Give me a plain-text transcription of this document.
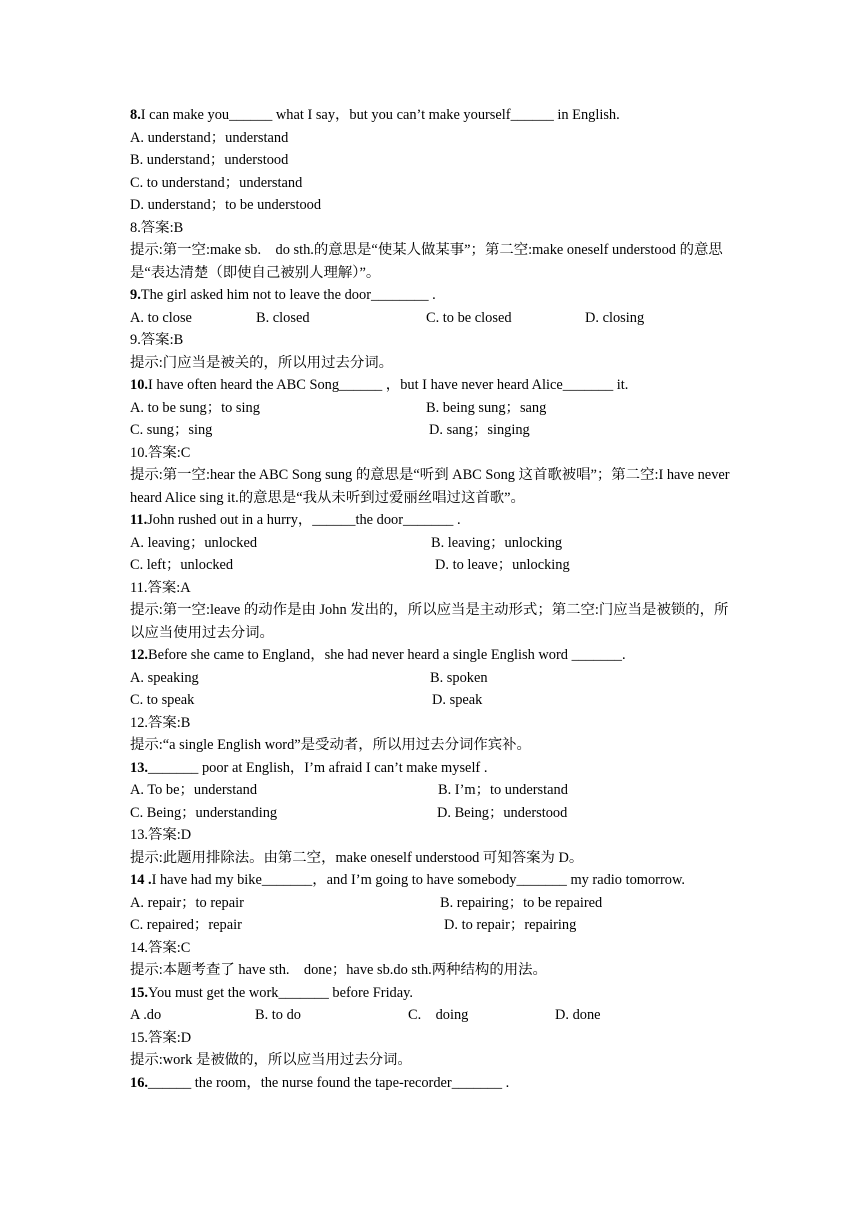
8.I can make you______ what I say，but you can’t make yourself______ in English.
A. understand；understand
B. understand；understood
C. to understand；understand
D. understand；to be understood
8.答案:B
提示:第一空:make sb.　do sth.的意思是“使某人做某事”；第二空:make oneself understood 的意思是“表达清楚（即使自己被别人理解）”。
9.The girl asked him not to leave the door________ .
A. to close	B. closed	C. to be closed	D. closing
9.答案:B
提示:门应当是被关的，所以用过去分词。
10.I have often heard the ABC Song______ ，but I have never heard Alice_______ it.
A. to be sung；to sing	B. being sung；sang
C. sung；sing	D. sang；singing
10.答案:C
提示:第一空:hear the ABC Song sung 的意思是“听到 ABC Song 这首歌被唱”；第二空:I have never heard Alice sing it.的意思是“我从未听到过爱丽丝唱过这首歌”。
11.John rushed out in a hurry，______the door_______ .
A. leaving；unlocked	B. leaving；unlocking
C. left；unlocked	D. to leave；unlocking
11.答案:A
提示:第一空:leave 的动作是由 John 发出的，所以应当是主动形式；第二空:门应当是被锁的，所以应当使用过去分词。
12.Before she came to England，she had never heard a single English word _______.
A. speaking	B. spoken
C. to speak	D. speak
12.答案:B
提示:“a single English word”是受动者，所以用过去分词作宾补。
13._______ poor at English，I’m afraid I can’t make myself .
A. To be；understand	B. I’m；to understand
C. Being；understanding	D. Being；understood
13.答案:D
提示:此题用排除法。由第二空，make oneself understood 可知答案为 D。
14 .I have had my bike_______，and I’m going to have somebody_______ my radio tomorrow.
A. repair；to repair	B. repairing；to be repaired
C. repaired；repair	D. to repair；repairing
14.答案:C
提示:本题考查了 have sth.　done；have sb.do sth.两种结构的用法。
15.You must get the work_______ before Friday.
A .do	B. to do	C.　doing	D. done
15.答案:D
提示:work 是被做的，所以应当用过去分词。
16.______ the room，the nurse found the tape-recorder_______ .
